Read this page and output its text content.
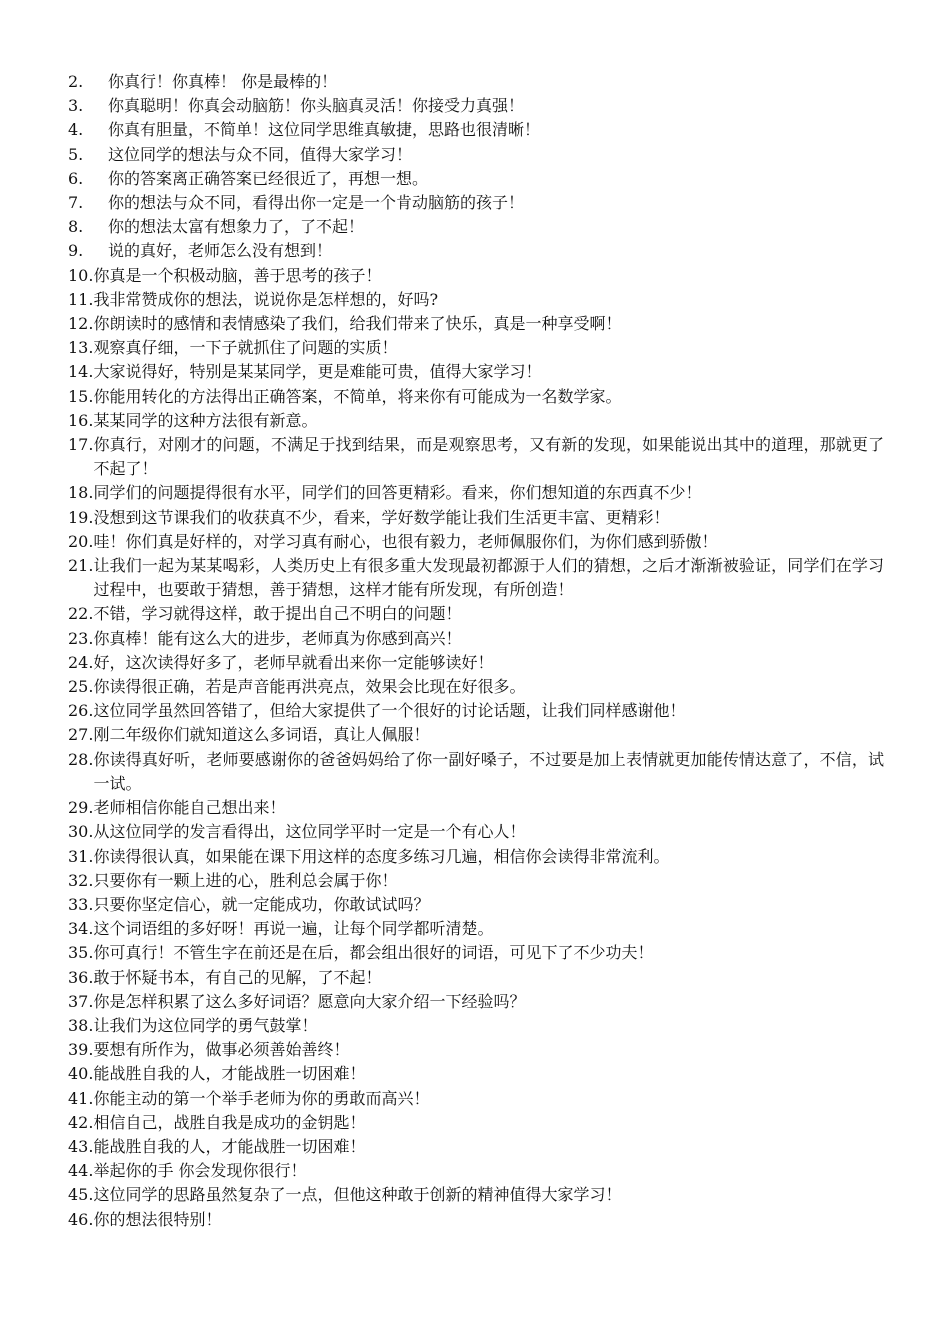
2.	你真行！你真棒！ 你是最棒的！
3.	你真聪明！你真会动脑筋！你头脑真灵活！你接受力真强！
4.	你真有胆量，不简单！这位同学思维真敏捷，思路也很清晰！
5.	这位同学的想法与众不同，值得大家学习！
6.	你的答案离正确答案已经很近了，再想一想。
7.	你的想法与众不同，看得出你一定是一个肯动脑筋的孩子！
8.	你的想法太富有想象力了，了不起！
9.	说的真好，老师怎么没有想到！
10. 你真是一个积极动脑，善于思考的孩子！
11. 我非常赞成你的想法，说说你是怎样想的，好吗?
12. 你朗读时的感情和表情感染了我们，给我们带来了快乐，真是一种享受啊！
13. 观察真仔细，一下子就抓住了问题的实质！
14. 大家说得好，特别是某某同学，更是难能可贵，值得大家学习！
15. 你能用转化的方法得出正确答案，不简单，将来你有可能成为一名数学家。
16. 某某同学的这种方法很有新意。
17. 你真行，对刚才的问题，不满足于找到结果，而是观察思考，又有新的发现，如果能说出其中的道理，那就更了不起了！
18. 同学们的问题提得很有水平，同学们的回答更精彩。看来，你们想知道的东西真不少！
19. 没想到这节课我们的收获真不少，看来，学好数学能让我们生活更丰富、更精彩！
20. 哇！你们真是好样的，对学习真有耐心，也很有毅力，老师佩服你们，为你们感到骄傲！
21. 让我们一起为某某喝彩，人类历史上有很多重大发现最初都源于人们的猜想，之后才渐渐被验证，同学们在学习过程中，也要敢于猜想，善于猜想，这样才能有所发现，有所创造！
22. 不错，学习就得这样，敢于提出自己不明白的问题！
23. 你真棒！能有这么大的进步，老师真为你感到高兴！
24. 好，这次读得好多了，老师早就看出来你一定能够读好！
25. 你读得很正确，若是声音能再洪亮点，效果会比现在好很多。
26. 这位同学虽然回答错了，但给大家提供了一个很好的讨论话题，让我们同样感谢他！
27. 刚二年级你们就知道这么多词语，真让人佩服！
28. 你读得真好听，老师要感谢你的爸爸妈妈给了你一副好嗓子，不过要是加上表情就更加能传情达意了，不信，试一试。
29. 老师相信你能自己想出来！
30. 从这位同学的发言看得出，这位同学平时一定是一个有心人！
31. 你读得很认真，如果能在课下用这样的态度多练习几遍，相信你会读得非常流利。
32. 只要你有一颗上进的心，胜利总会属于你！
33. 只要你坚定信心，就一定能成功，你敢试试吗？
34. 这个词语组的多好呀！再说一遍，让每个同学都听清楚。
35. 你可真行！不管生字在前还是在后，都会组出很好的词语，可见下了不少功夫！
36. 敢于怀疑书本，有自己的见解，了不起！
37. 你是怎样积累了这么多好词语？愿意向大家介绍一下经验吗？
38. 让我们为这位同学的勇气鼓掌！
39. 要想有所作为，做事必须善始善终！
40. 能战胜自我的人，才能战胜一切困难！
41. 你能主动的第一个举手老师为你的勇敢而高兴！
42. 相信自己，战胜自我是成功的金钥匙！
43. 能战胜自我的人，才能战胜一切困难！
44. 举起你的手 你会发现你很行！
45. 这位同学的思路虽然复杂了一点，但他这种敢于创新的精神值得大家学习！
46. 你的想法很特别！
